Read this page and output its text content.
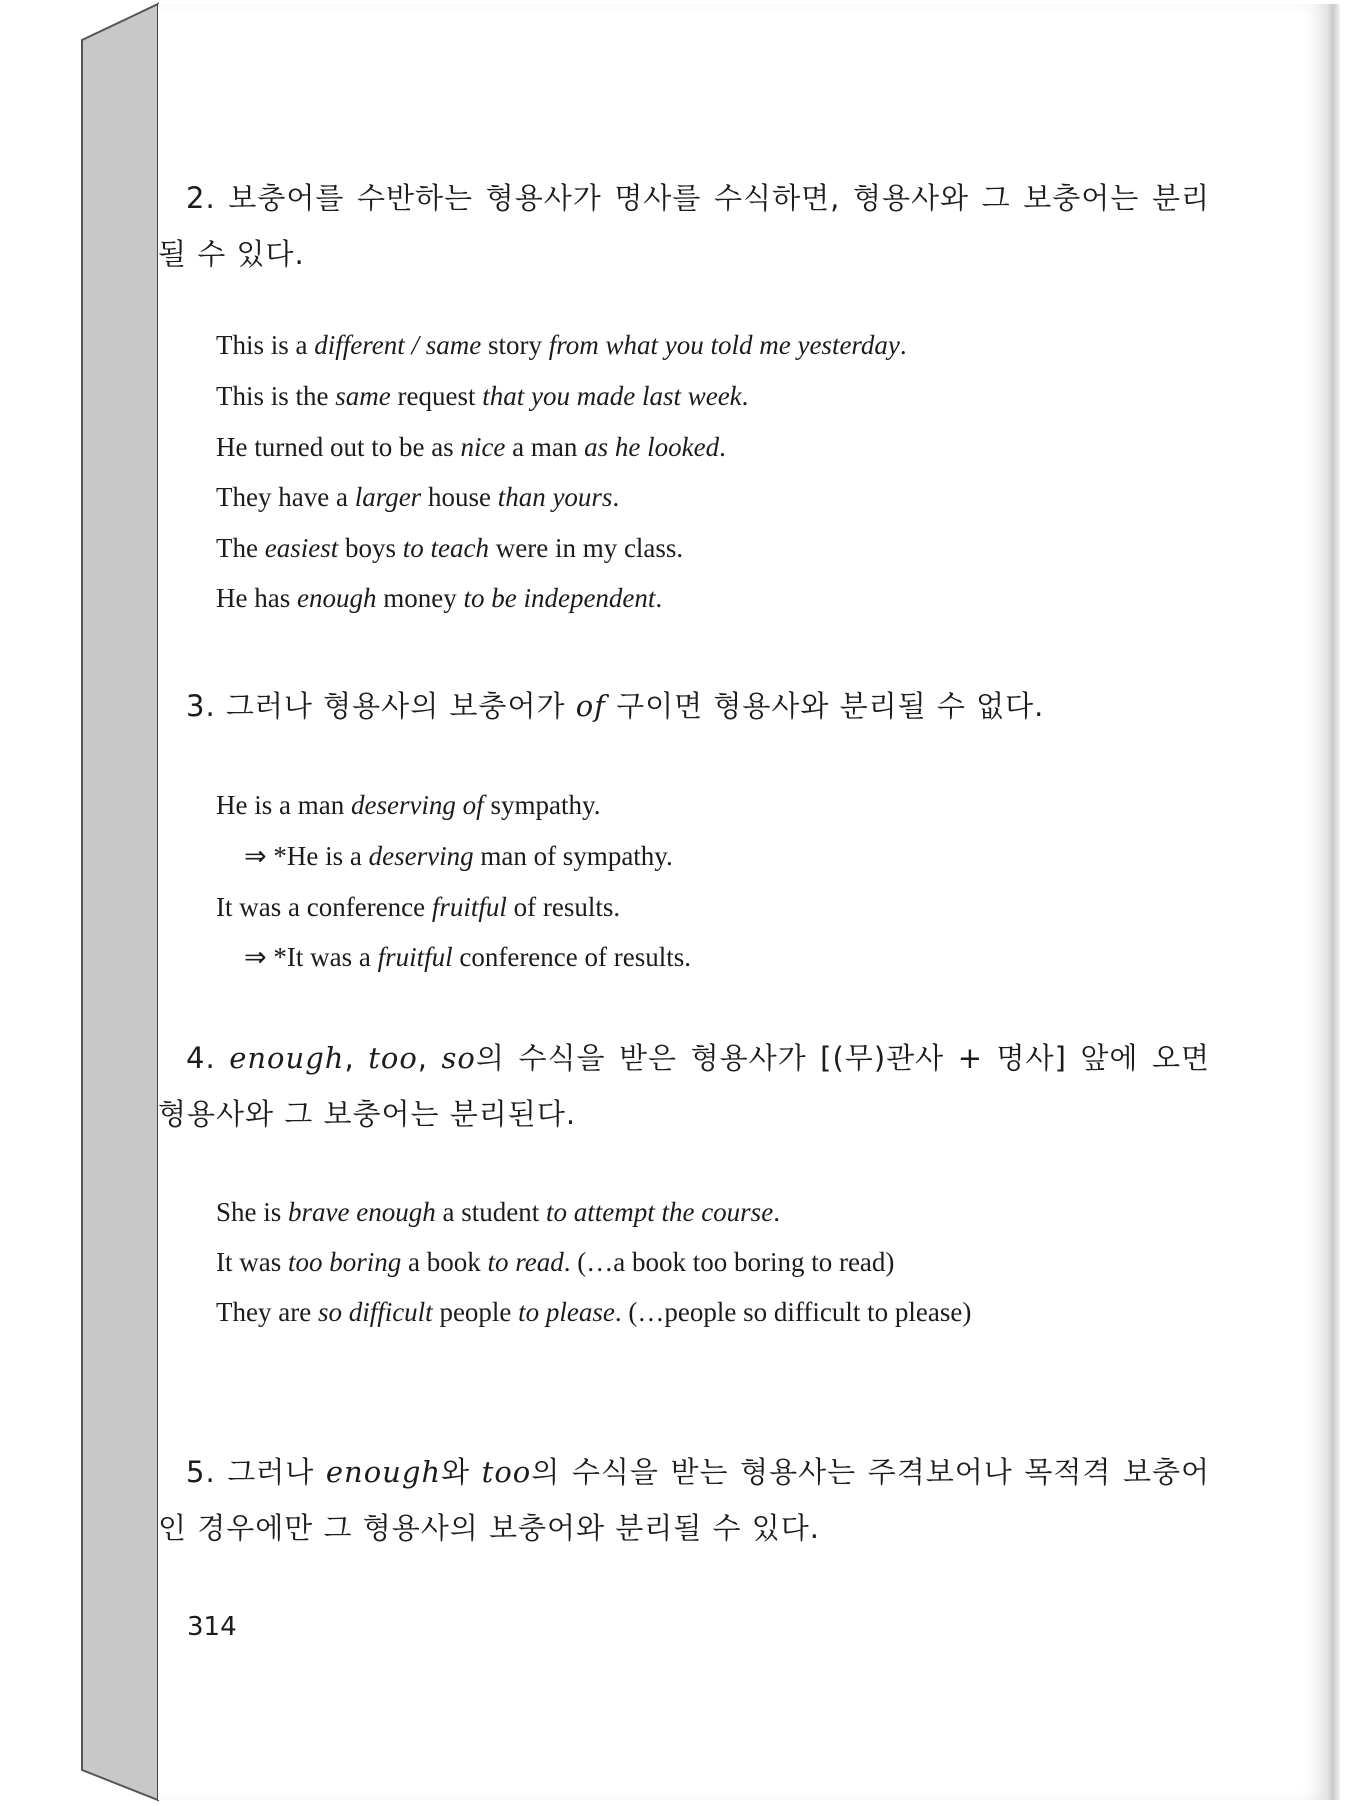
2. 보충어를 수반하는 형용사가 명사를 수식하면, 형용사와 그 보충어는 분리될 수 있다.

This is a different / same story from what you told me yesterday.

This is the same request that you made last week.

He turned out to be as nice a man as he looked.

They have a larger house than yours.

The easiest boys to teach were in my class.

He has enough money to be independent.

3. 그러나 형용사의 보충어가 of 구이면 형용사와 분리될 수 없다.

He is a man deserving of sympathy.

⇒ *He is a deserving man of sympathy.

It was a conference fruitful of results.

⇒ *It was a fruitful conference of results.

4. enough, too, so의 수식을 받은 형용사가 [(무)관사 + 명사] 앞에 오면 형용사와 그 보충어는 분리된다.

She is brave enough a student to attempt the course.

It was too boring a book to read. (…a book too boring to read)

They are so difficult people to please. (…people so difficult to please)

5. 그러나 enough와 too의 수식을 받는 형용사는 주격보어나 목적격 보충어인 경우에만 그 형용사의 보충어와 분리될 수 있다.

314
